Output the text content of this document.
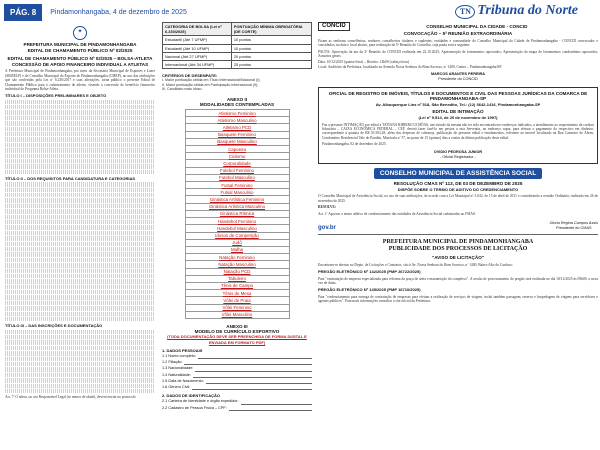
PÁG. 8	Pindamonhangaba, 4 de dezembro de 2025	TN Tribuna do Norte
✦
PREFEITURA MUNICIPAL DE PINDAMONHANGABA
EDITAL DE CHAMAMENTO PÚBLICO Nº 02/2025
EDITAL DE CHAMAMENTO PÚBLICO Nº 02/2025 – BOLSA-ATLETA CONCESSÃO DE APOIO FINANCEIRO INDIVIDUAL A ATLETAS
A Prefeitura Municipal de Pindamonhangaba, por meio da Secretaria Municipal de Esportes e Lazer (SEMELP) e do Conselho Municipal do Esporte de Pindamonhangaba (CMEP), no uso das atribuições que são conferidas pela Lei nº 6.230/2017 e suas alterações, torna público o presente Edital de Chamamento Público para o cadastramento de atletas, visando a concessão do benefício financeiro individual do Programa Bolsa-Atleta.
TÍTULO I – DISPOSIÇÕES PRELIMINARES E OBJETO
TÍTULO II – DOS REQUISITOS PARA CANDIDATURA E CATEGORIAS
TÍTULO III – DAS INSCRIÇÕES E DOCUMENTAÇÃO
Art. 7º O atleta, ou seu Responsável Legal (se menor de idade), deverá enviar no protocolo
CATEGORIA DE BOLSA (Lei nº 6.230/2025)	PONTUAÇÃO MÍNIMA OBRIGATÓRIA (DE CORTE)
Estudantil (Até 7 UFMP)	10 pontos
Estudantil (Até 10 UFMP)	10 pontos
Nacional (Até 27 UFMP)	20 pontos
Internacional (Até 34 UFMP)	25 pontos
CRITÉRIOS DE DESEMPATE:
I. Maior pontuação obtida em Título Internacional/Nacional (I);
II. Maior pontuação obtida em Participação Internacional (II);
III. Candidato mais idoso.
ANEXO II
MODALIDADES CONTEMPLADAS
Atletismo Feminino
Atletismo Masculino
Atletismo PCD
Basquete Feminino
Basquete Masculino
Capoeira
Ciclismo
Corporalidade
Futebol Feminino
Futebol Masculino
Futsal Feminino
Futsal Masculino
Ginástica Artística Feminino
Ginástica Artística Masculino
Ginástica Rítmica
Handebol Feminino
Handebol Masculino
Idosos de Competição
Judô
Malha
Natação Feminino
Natação Masculino
Natação PCD
Tabuleiro
Tênis de Campo
Tênis de Mesa
Vôlei de Praia
Vôlei Feminino
Vôlei Masculino
ANEXO III
MODELO DE CURRÍCULO ESPORTIVO
(TODA DOCUMENTAÇÃO DEVE SER PREENCHIDA DE FORMA DIGITAL E ENVIADA EM FORMATO PDF)
1. DADOS PESSOAIS
1.1 Nome completo:
1.2 Filiação:
1.3 Nacionalidade:
1.4 Naturalidade:
1.5 Data de Nascimento:
1.6 Gênero Civil:
2. DADOS DE IDENTIFICAÇÃO
2.1 Carteira de Identidade e órgão expedidor:
2.2 Cadastro de Pessoa Física – CPF:
CONCID	CONSELHO MUNICIPAL DA CIDADE - CONCID
CONVOCAÇÃO – 5ª REUNIÃO EXTRAORDINÁRIA
Ficam as senhoras conselheiras, senhores conselheiros titulares e suplentes, entidades e comunidade do Conselho Municipal da Cidade de Pindamonhangaba - CONCID convocados e convidados, na data e local abaixo, para realização da 5ª Reunião do Conselho, cuja pauta será a seguinte:
PAUTA: Aprovação da ata da 2ª Reunião do CONCID realizada em 22.10.2025; Apresentação de loteamentos aprovados; Apresentação do mapa de loteamentos condomínios aprovados; Assuntos gerais.
Data: 10/12/2025 (quarta-feira) – Horário: 14h00 (cabeça hora)
Local: Auditório da Prefeitura, localizado na Avenida Nossa Senhora do Bom Sucesso, nº 1400, Centro – Pindamonhangaba/SP.
MARCOS ARANTES PEREIRA
Presidente do CONCID
OFICIAL DE REGISTRO DE IMÓVEIS, TÍTULOS E DOCUMENTOS E CIVIL DAS PESSOAS JURÍDICAS DA COMARCA DE PINDAMONHANGABA-SP
Av. Albuquerque Lins nº 518, São Benedito, Tel.: (12) 3642-1416, Pindamonhangaba-SP
EDITAL DE INTIMAÇÃO
(Lei nº 9.514, de 20 de novembro de 1997)
Faz a presente INTIMAÇÃO por edital a TATIANA RIBEIRO UCHÔAS, um virtude da mesma não ter sido encontrada nos endereços indicados, a atendimento ao requerimento da credora fiduciária – CAIXA ECONÔMICA FEDERAL – CEF, deverá fazer fazê-lo em pessoa a esta Serventia, no endereço supra, para efetuar o pagamento do respectivo em dinheiro, correspondente à quantia de R$ 53.503,28, além dos despesas de cobrança, publicação do presente edital e emolumentos, referente ao imóvel localizado na Rua Casimiro de Abreu, Condomínio Residencial Vale do Paraíba, Matrícula nº 57, no prazo de 15 (quinze) dias a contar da última publicação deste edital.
Pindamonhangaba, 02 de dezembro de 2025.
OVIDIO PEDROSA JUNIOR
- Oficial Registrador -
CONSELHO MUNICIPAL DE ASSISTÊNCIA SOCIAL
RESOLUÇÃO CMAS Nº 113, DE 03 DE DEZEMBRO DE 2025
DISPÕE SOBRE O TERMO DE ADITIVO DO CREDENCIAMENTO
O Conselho Municipal de Assistência Social, no uso de suas atribuições, de acordo com a Lei Municipal nº 5.042, de 15 de abril de 2011 e considerando a reunião Ordinária, realizada em 26 de novembro de 2025.
RESOLVE:
Art. 1º Aprovar o termo aditivo de credenciamento das entidades de Assistência Social cadastradas no FMAS.
gov.br
Gloria Regina Campos Assis
Presidente do CMAS
PREFEITURA MUNICIPAL DE PINDAMONHANGABA
PUBLICIDADE DOS PROCESSOS DE LICITAÇÃO
"AVISO DE LICITAÇÃO"
Encontram-se abertas no Depto. de Licitações e Contratos, sito à Av. Nossa Senhora do Bom Sucesso, nº 1400, Bairro Alto do Cardoso:
PREGÃO ELETRÔNICO Nº 142/2025 (PMP 26722/2025)
Para "contratação de empresa especializada para reforma da praça de areia e manutenção do complexo". A sessão de processamento do pregão será realizada no dia 18/12/2025 às 09h00, a nova vez de datas.
PREGÃO ELETRÔNICO Nº 145/2025 (PMP 16710/2025)
Para "credenciamento para entrega de contratação de empresas para efetuar a realização de serviços de viagem, inclui também passagem, reserva e hospedagem de viagens para servidores e agentes públicos". Para mais informações consultar o site oficial da Prefeitura.
